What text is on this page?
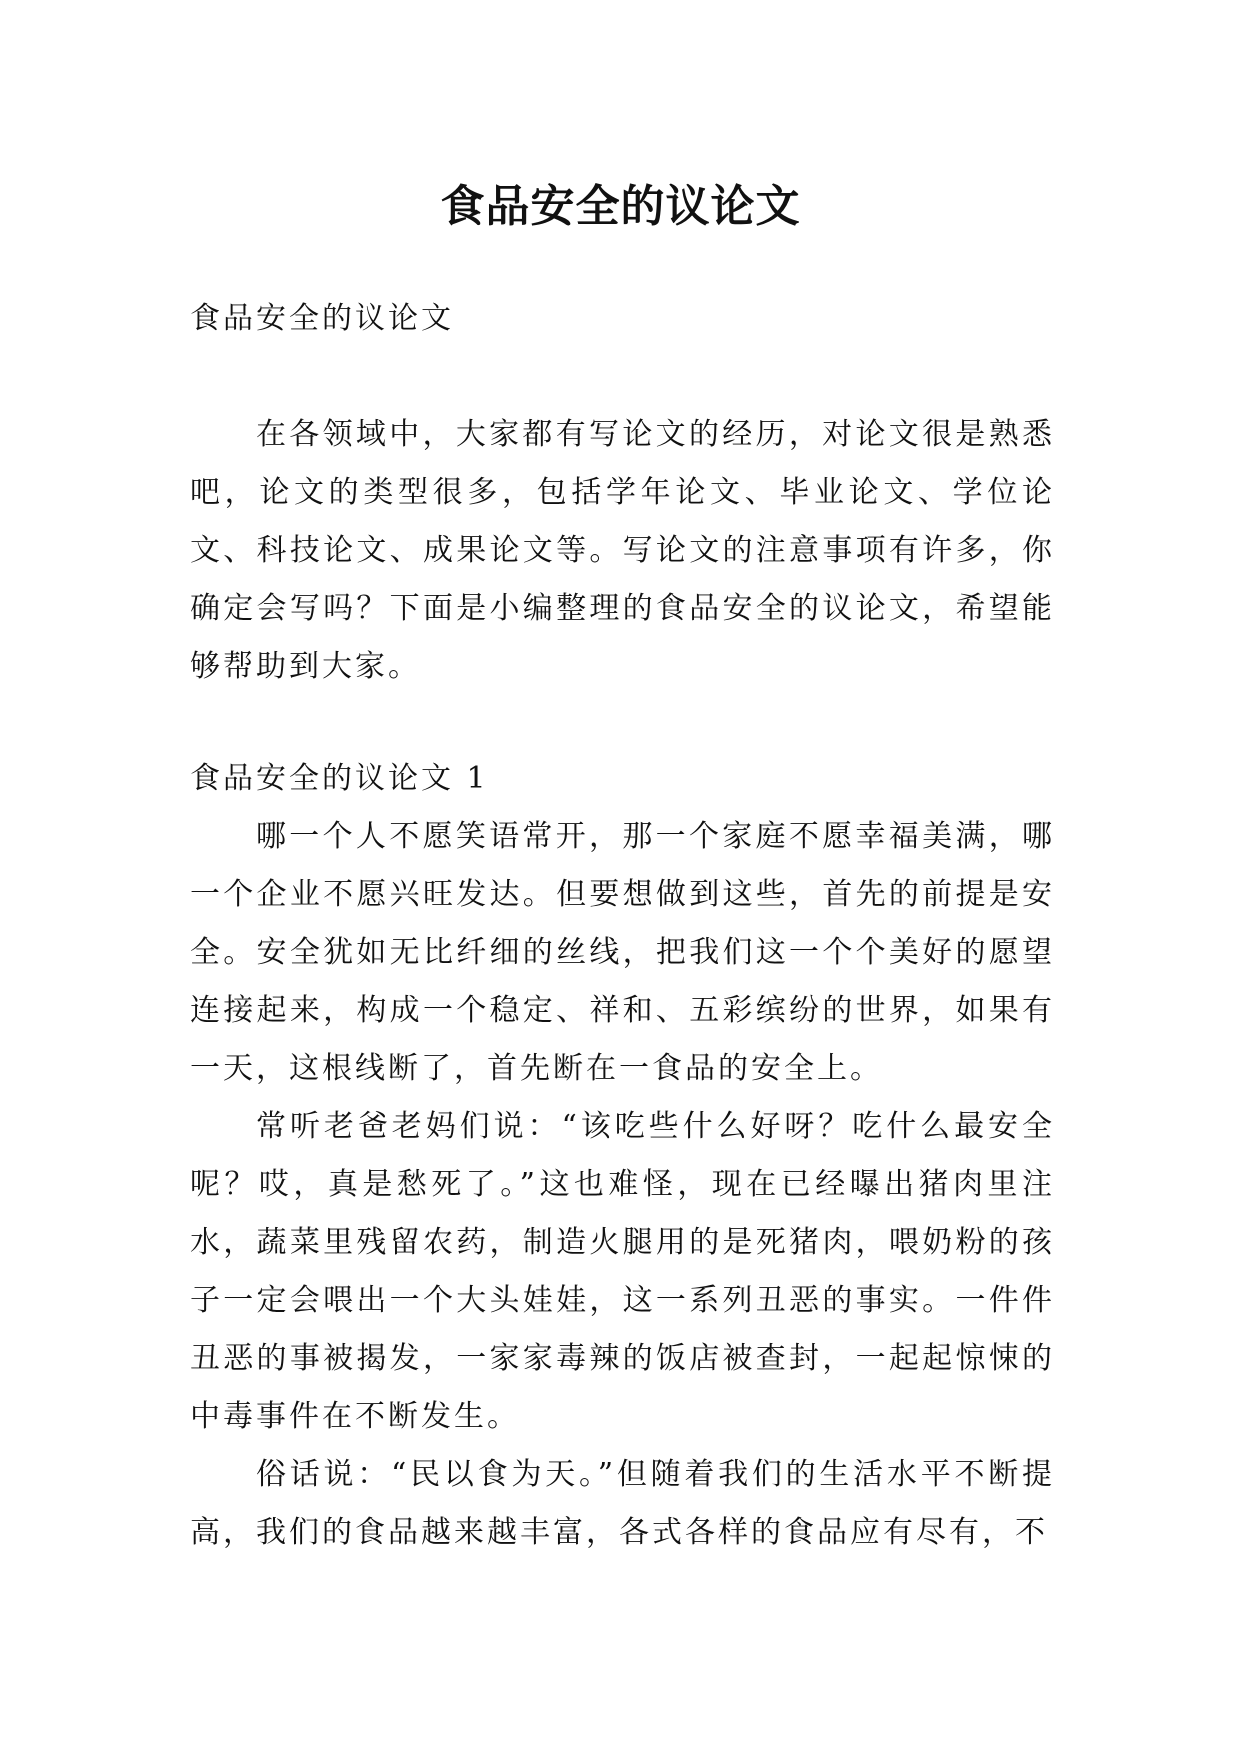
食品安全的议论文

食品安全的议论文

在各领域中，大家都有写论文的经历，对论文很是熟悉吧，论文的类型很多，包括学年论文、毕业论文、学位论文、科技论文、成果论文等。写论文的注意事项有许多，你确定会写吗？下面是小编整理的食品安全的议论文，希望能够帮助到大家。

食品安全的议论文 1

哪一个人不愿笑语常开，那一个家庭不愿幸福美满，哪一个企业不愿兴旺发达。但要想做到这些，首先的前提是安全。安全犹如无比纤细的丝线，把我们这一个个美好的愿望连接起来，构成一个稳定、祥和、五彩缤纷的世界，如果有一天，这根线断了，首先断在一食品的安全上。

常听老爸老妈们说：“该吃些什么好呀？吃什么最安全呢？哎，真是愁死了。”这也难怪，现在已经曝出猪肉里注水，蔬菜里残留农药，制造火腿用的是死猪肉，喂奶粉的孩子一定会喂出一个大头娃娃，这一系列丑恶的事实。一件件丑恶的事被揭发，一家家毒辣的饭店被查封，一起起惊悚的中毒事件在不断发生。

俗话说：“民以食为天。”但随着我们的生活水平不断提高，我们的食品越来越丰富，各式各样的食品应有尽有，不
